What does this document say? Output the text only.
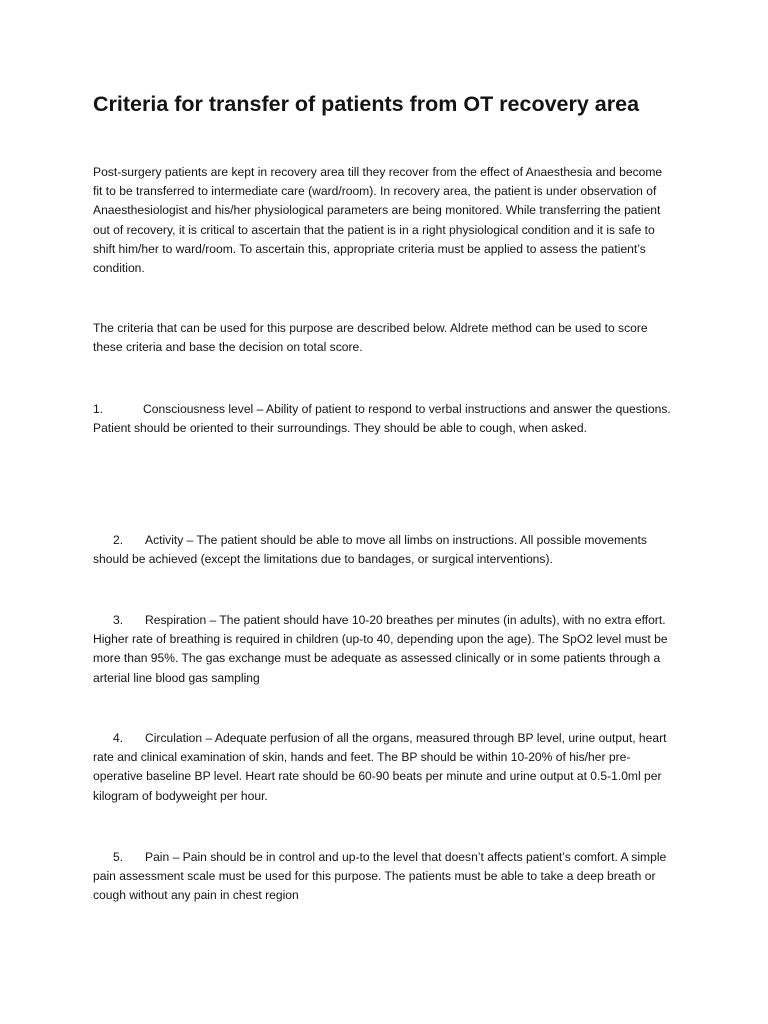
Criteria for transfer of patients from OT recovery area

Post-surgery patients are kept in recovery area till they recover from the effect of Anaesthesia and become fit to be transferred to intermediate care (ward/room). In recovery area, the patient is under observation of Anaesthesiologist and his/her physiological parameters are being monitored. While transferring the patient out of recovery, it is critical to ascertain that the patient is in a right physiological condition and it is safe to shift him/her to ward/room. To ascertain this, appropriate criteria must be applied to assess the patient’s condition.

The criteria that can be used for this purpose are described below. Aldrete method can be used to score these criteria and base the decision on total score.

1.	Consciousness level – Ability of patient to respond to verbal instructions and answer the questions. Patient should be oriented to their surroundings. They should be able to cough, when asked.
2. Activity – The patient should be able to move all limbs on instructions. All possible movements should be achieved (except the limitations due to bandages, or surgical interventions).
3. Respiration – The patient should have 10-20 breathes per minutes (in adults), with no extra effort. Higher rate of breathing is required in children (up-to 40, depending upon the age). The SpO2 level must be more than 95%. The gas exchange must be adequate as assessed clinically or in some patients through a arterial line blood gas sampling
4. Circulation – Adequate perfusion of all the organs, measured through BP level, urine output, heart rate and clinical examination of skin, hands and feet. The BP should be within 10-20% of his/her pre-operative baseline BP level. Heart rate should be 60-90 beats per minute and urine output at 0.5-1.0ml per kilogram of bodyweight per hour.
5. Pain – Pain should be in control and up-to the level that doesn’t affects patient’s comfort. A simple pain assessment scale must be used for this purpose. The patients must be able to take a deep breath or cough without any pain in chest region
